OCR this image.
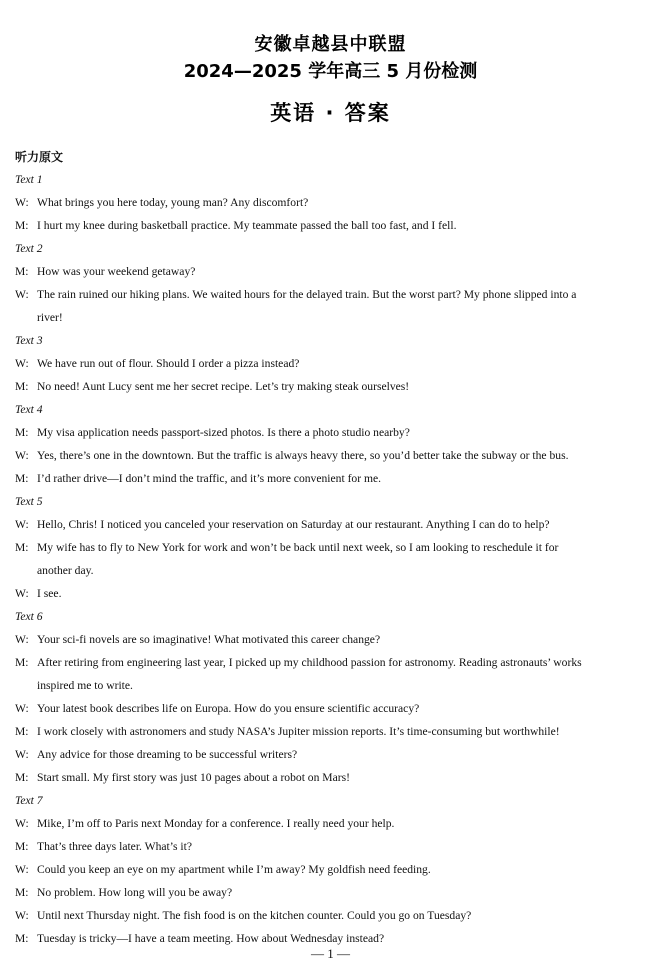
安徽卓越县中联盟
2024—2025 学年高三 5 月份检测
英语 · 答案
听力原文
Text 1
W: What brings you here today, young man? Any discomfort?
M: I hurt my knee during basketball practice. My teammate passed the ball too fast, and I fell.
Text 2
M: How was your weekend getaway?
W: The rain ruined our hiking plans. We waited hours for the delayed train. But the worst part? My phone slipped into a
river!
Text 3
W: We have run out of flour. Should I order a pizza instead?
M: No need! Aunt Lucy sent me her secret recipe. Let’s try making steak ourselves!
Text 4
M: My visa application needs passport-sized photos. Is there a photo studio nearby?
W: Yes, there’s one in the downtown. But the traffic is always heavy there, so you’d better take the subway or the bus.
M: I’d rather drive—I don’t mind the traffic, and it’s more convenient for me.
Text 5
W: Hello, Chris! I noticed you canceled your reservation on Saturday at our restaurant. Anything I can do to help?
M: My wife has to fly to New York for work and won’t be back until next week, so I am looking to reschedule it for
another day.
W: I see.
Text 6
W: Your sci-fi novels are so imaginative! What motivated this career change?
M: After retiring from engineering last year, I picked up my childhood passion for astronomy. Reading astronauts’ works
inspired me to write.
W: Your latest book describes life on Europa. How do you ensure scientific accuracy?
M: I work closely with astronomers and study NASA’s Jupiter mission reports. It’s time-consuming but worthwhile!
W: Any advice for those dreaming to be successful writers?
M: Start small. My first story was just 10 pages about a robot on Mars!
Text 7
W: Mike, I’m off to Paris next Monday for a conference. I really need your help.
M: That’s three days later. What’s it?
W: Could you keep an eye on my apartment while I’m away? My goldfish need feeding.
M: No problem. How long will you be away?
W: Until next Thursday night. The fish food is on the kitchen counter. Could you go on Tuesday?
M: Tuesday is tricky—I have a team meeting. How about Wednesday instead?
— 1 —
